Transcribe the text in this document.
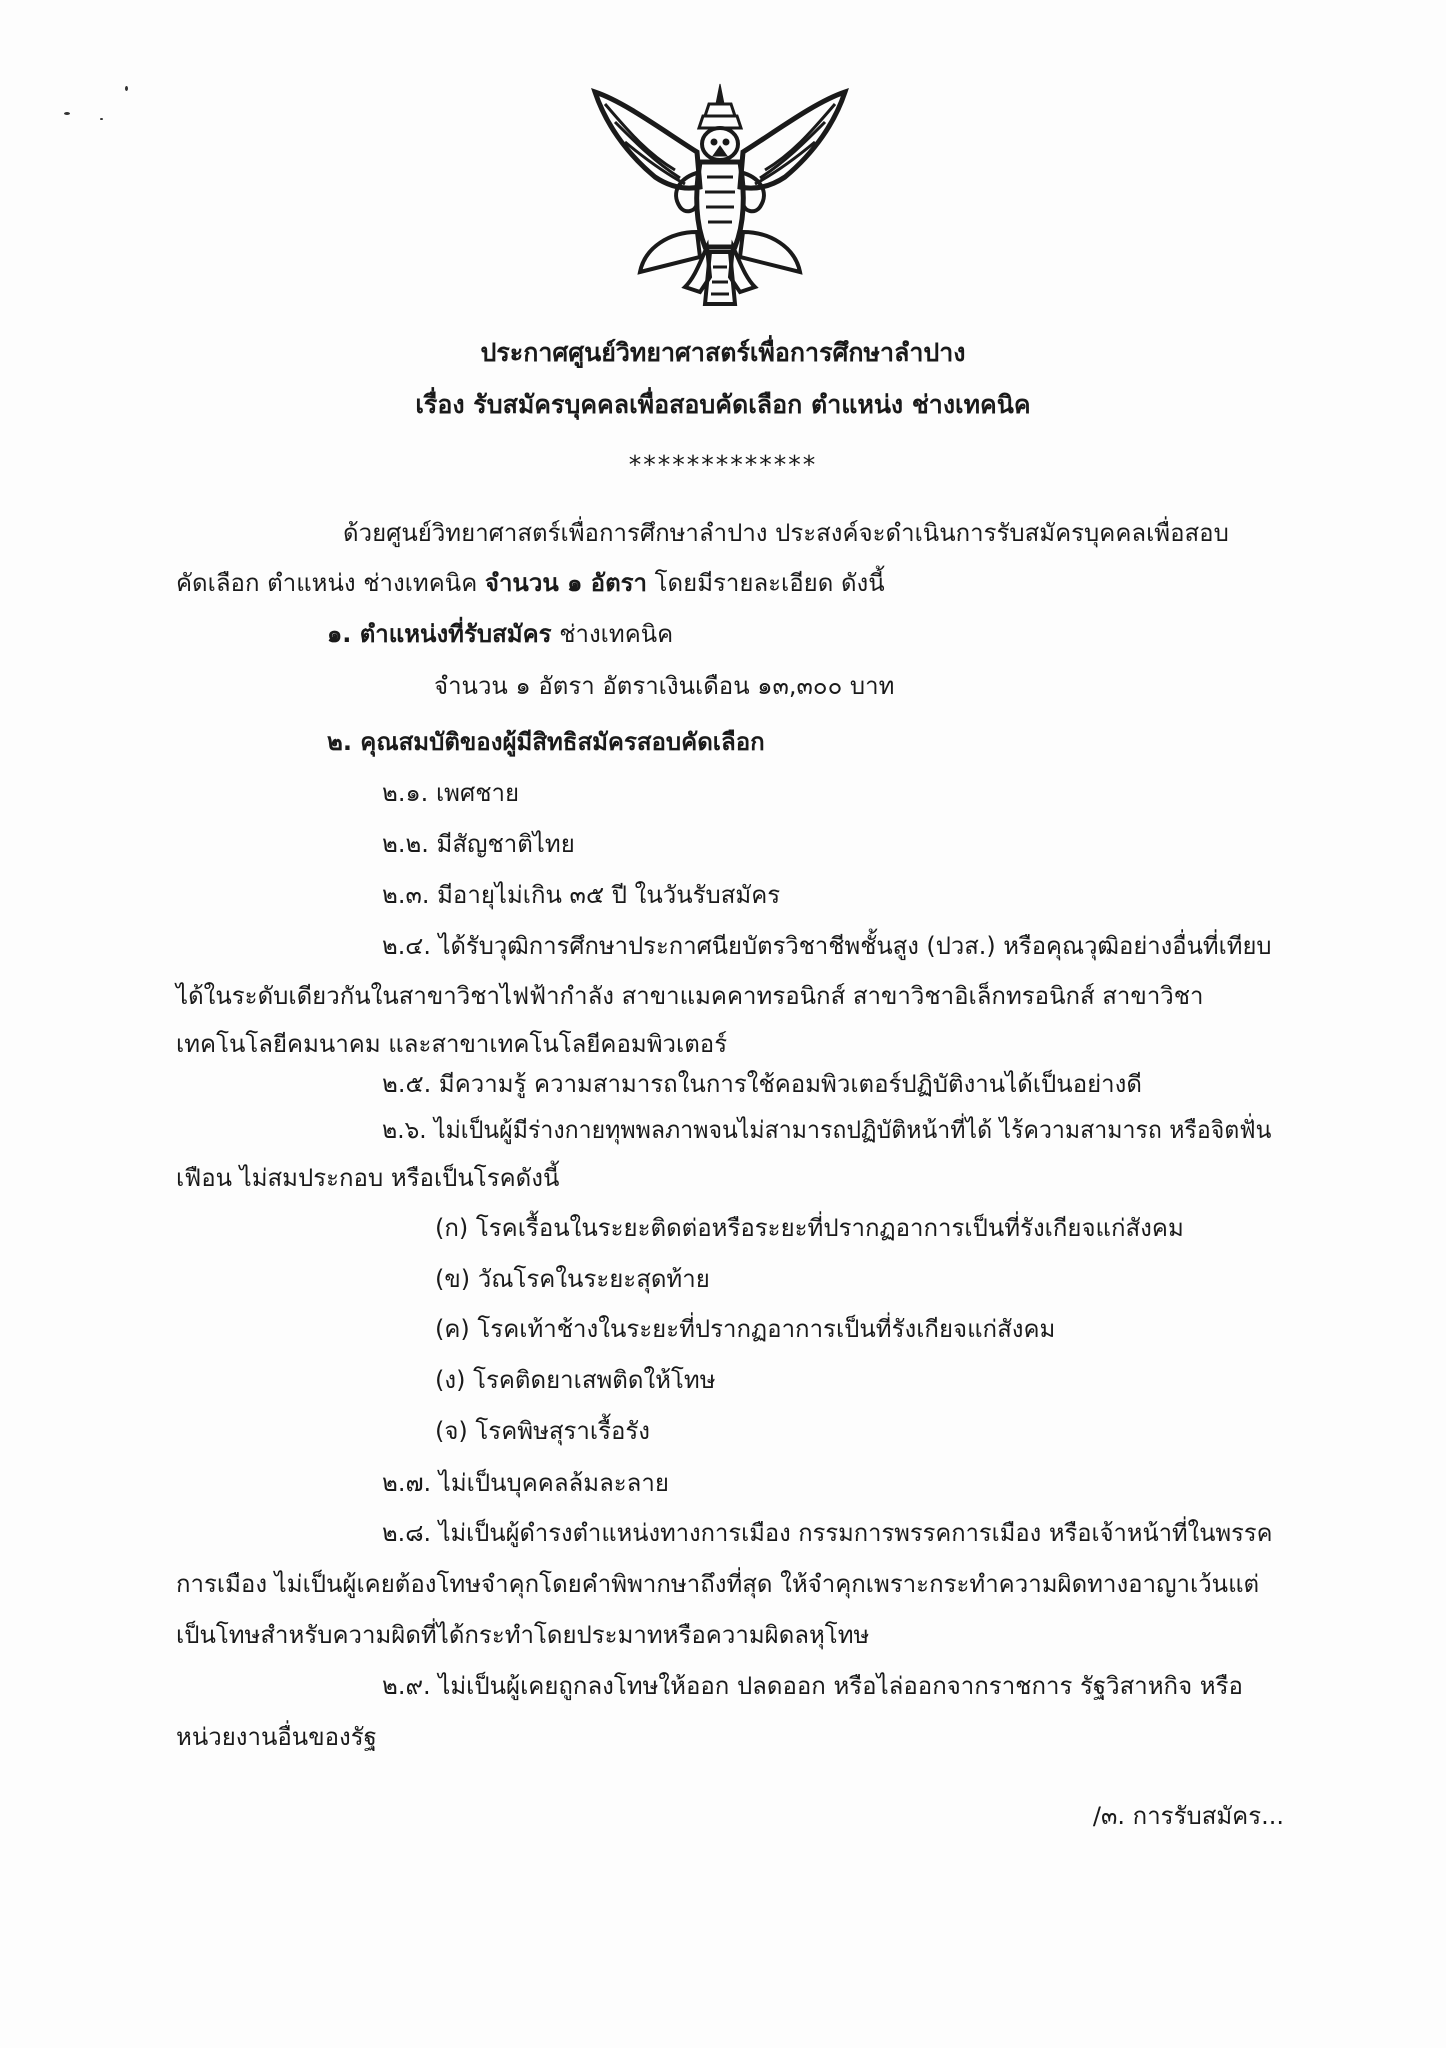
ประกาศศูนย์วิทยาศาสตร์เพื่อการศึกษาลำปาง
เรื่อง รับสมัครบุคคลเพื่อสอบคัดเลือก ตำแหน่ง ช่างเทคนิค
*************
ด้วยศูนย์วิทยาศาสตร์เพื่อการศึกษาลำปาง ประสงค์จะดำเนินการรับสมัครบุคคลเพื่อสอบ
คัดเลือก ตำแหน่ง ช่างเทคนิค จำนวน ๑ อัตรา โดยมีรายละเอียด ดังนี้
๑. ตำแหน่งที่รับสมัคร ช่างเทคนิค
จำนวน ๑ อัตรา อัตราเงินเดือน ๑๓,๓๐๐ บาท
๒. คุณสมบัติของผู้มีสิทธิสมัครสอบคัดเลือก
๒.๑. เพศชาย
๒.๒. มีสัญชาติไทย
๒.๓. มีอายุไม่เกิน ๓๕ ปี ในวันรับสมัคร
๒.๔. ได้รับวุฒิการศึกษาประกาศนียบัตรวิชาชีพชั้นสูง (ปวส.) หรือคุณวุฒิอย่างอื่นที่เทียบ
ได้ในระดับเดียวกันในสาขาวิชาไฟฟ้ากำลัง สาขาแมคคาทรอนิกส์ สาขาวิชาอิเล็กทรอนิกส์ สาขาวิชา
เทคโนโลยีคมนาคม และสาขาเทคโนโลยีคอมพิวเตอร์
๒.๕. มีความรู้ ความสามารถในการใช้คอมพิวเตอร์ปฏิบัติงานได้เป็นอย่างดี
๒.๖. ไม่เป็นผู้มีร่างกายทุพพลภาพจนไม่สามารถปฏิบัติหน้าที่ได้ ไร้ความสามารถ หรือจิตฟั่น
เฟือน ไม่สมประกอบ หรือเป็นโรคดังนี้
(ก) โรคเรื้อนในระยะติดต่อหรือระยะที่ปรากฏอาการเป็นที่รังเกียจแก่สังคม
(ข) วัณโรคในระยะสุดท้าย
(ค) โรคเท้าช้างในระยะที่ปรากฏอาการเป็นที่รังเกียจแก่สังคม
(ง) โรคติดยาเสพติดให้โทษ
(จ) โรคพิษสุราเรื้อรัง
๒.๗. ไม่เป็นบุคคลล้มละลาย
๒.๘. ไม่เป็นผู้ดำรงตำแหน่งทางการเมือง กรรมการพรรคการเมือง หรือเจ้าหน้าที่ในพรรค
การเมือง ไม่เป็นผู้เคยต้องโทษจำคุกโดยคำพิพากษาถึงที่สุด ให้จำคุกเพราะกระทำความผิดทางอาญาเว้นแต่
เป็นโทษสำหรับความผิดที่ได้กระทำโดยประมาทหรือความผิดลหุโทษ
๒.๙. ไม่เป็นผู้เคยถูกลงโทษให้ออก ปลดออก หรือไล่ออกจากราชการ รัฐวิสาหกิจ หรือ
หน่วยงานอื่นของรัฐ
/๓. การรับสมัคร...
